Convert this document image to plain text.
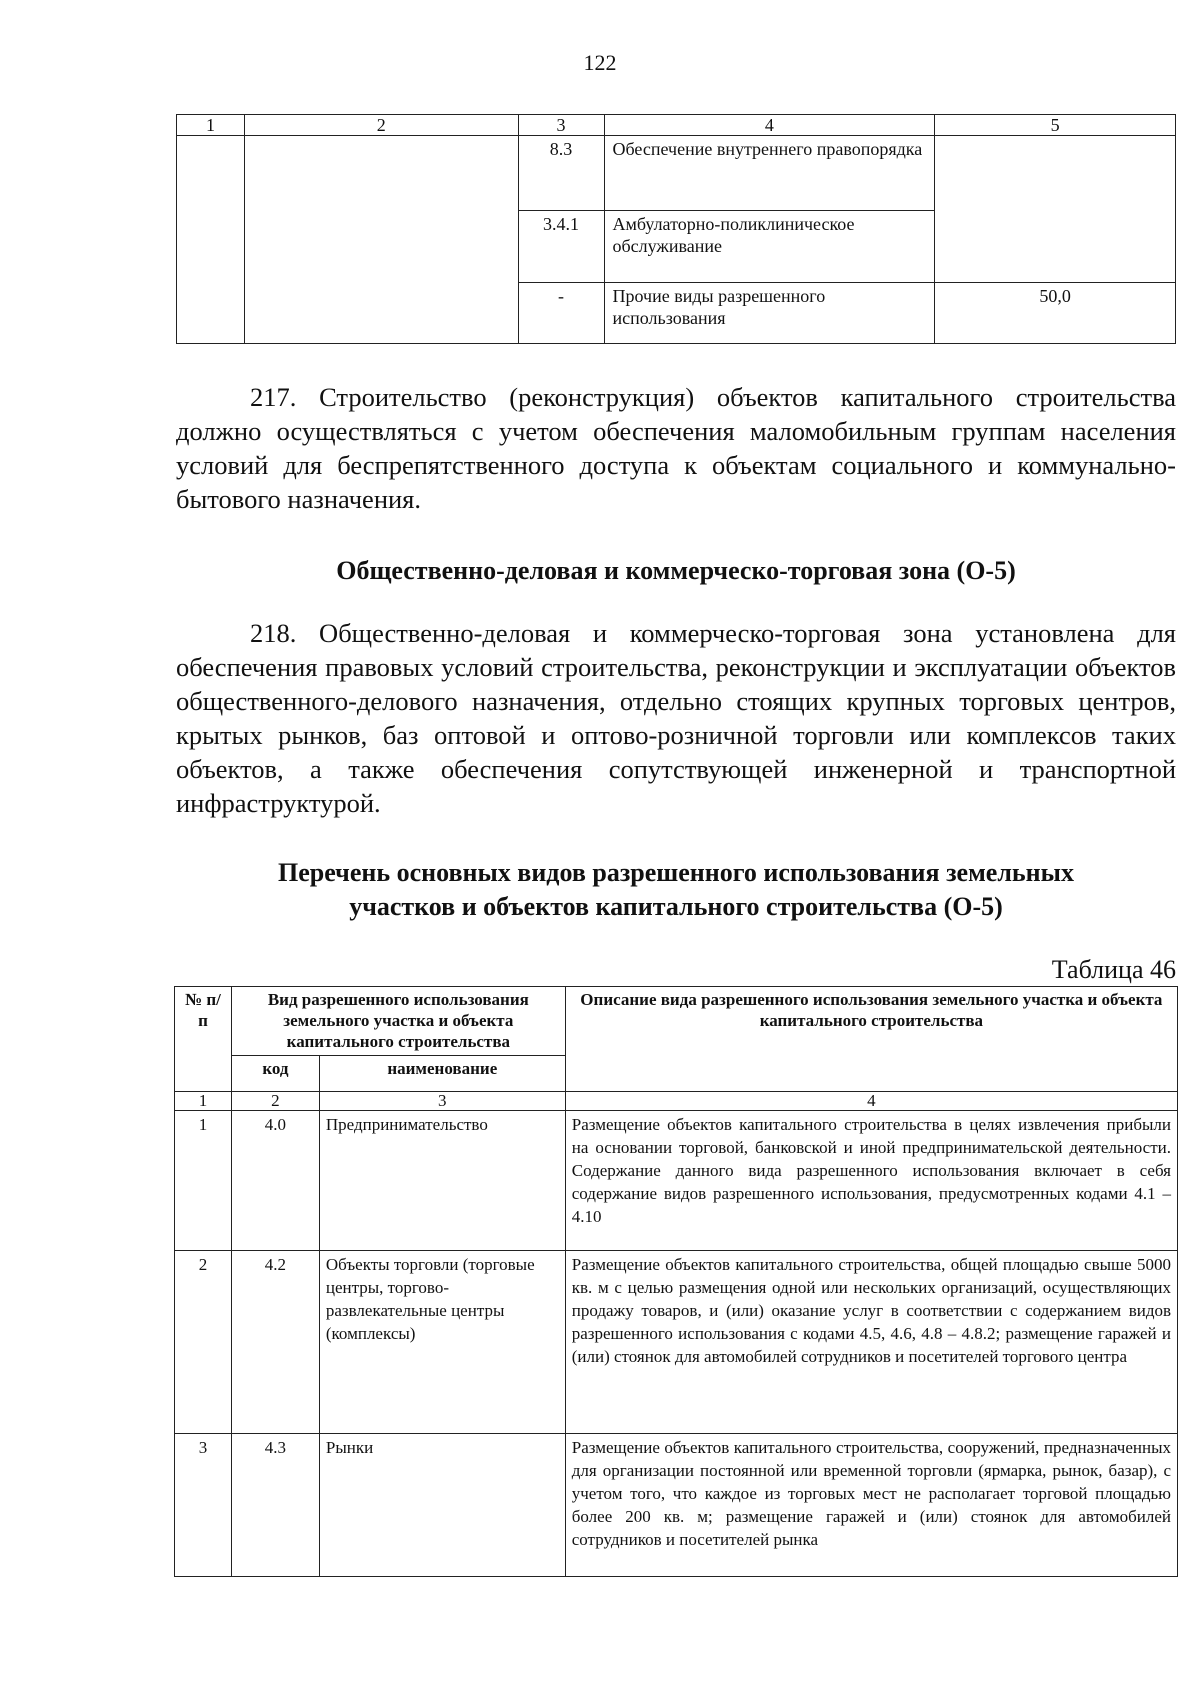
122
1	2	3	4	5
		8.3	Обеспечение внутреннего правопорядка	
		3.4.1	Амбулаторно-поликлиническое обслуживание	
		-	Прочие виды разрешенного использования	50,0
217. Строительство (реконструкция) объектов капитального строительства должно осуществляться с учетом обеспечения маломобильным группам населения условий для беспрепятственного доступа к объектам социального и коммунально-бытового назначения.
Общественно-деловая и коммерческо-торговая зона (О-5)
218. Общественно-деловая и коммерческо-торговая зона установлена для обеспечения правовых условий строительства, реконструкции и эксплуатации объектов общественного-делового назначения, отдельно стоящих крупных торговых центров, крытых рынков, баз оптовой и оптово-розничной торговли или комплексов таких объектов, а также обеспечения сопутствующей инженерной и транспортной инфраструктурой.
Перечень основных видов разрешенного использования земельных
участков и объектов капитального строительства (О-5)
Таблица 46
№ п/п	Вид разрешенного использования земельного участка и объекта капитального строительства		Описание вида разрешенного использования земельного участка и объекта капитального строительства
	код	наименование	
1	2	3	4
1	4.0	Предпринимательство	Размещение объектов капитального строительства в целях извлечения прибыли на основании торговой, банковской и иной предпринимательской деятельности. Содержание данного вида разрешенного использования включает в себя содержание видов разрешенного использования, предусмотренных кодами 4.1 – 4.10
2	4.2	Объекты торговли (торговые центры, торгово-развлекательные центры (комплексы)	Размещение объектов капитального строительства, общей площадью свыше 5000 кв. м с целью размещения одной или нескольких организаций, осуществляющих продажу товаров, и (или) оказание услуг в соответствии с содержанием видов разрешенного использования с кодами 4.5, 4.6, 4.8 – 4.8.2; размещение гаражей и (или) стоянок для автомобилей сотрудников и посетителей торгового центра
3	4.3	Рынки	Размещение объектов капитального строительства, сооружений, предназначенных для организации постоянной или временной торговли (ярмарка, рынок, базар), с учетом того, что каждое из торговых мест не располагает торговой площадью более 200 кв. м; размещение гаражей и (или) стоянок для автомобилей сотрудников и посетителей рынка
